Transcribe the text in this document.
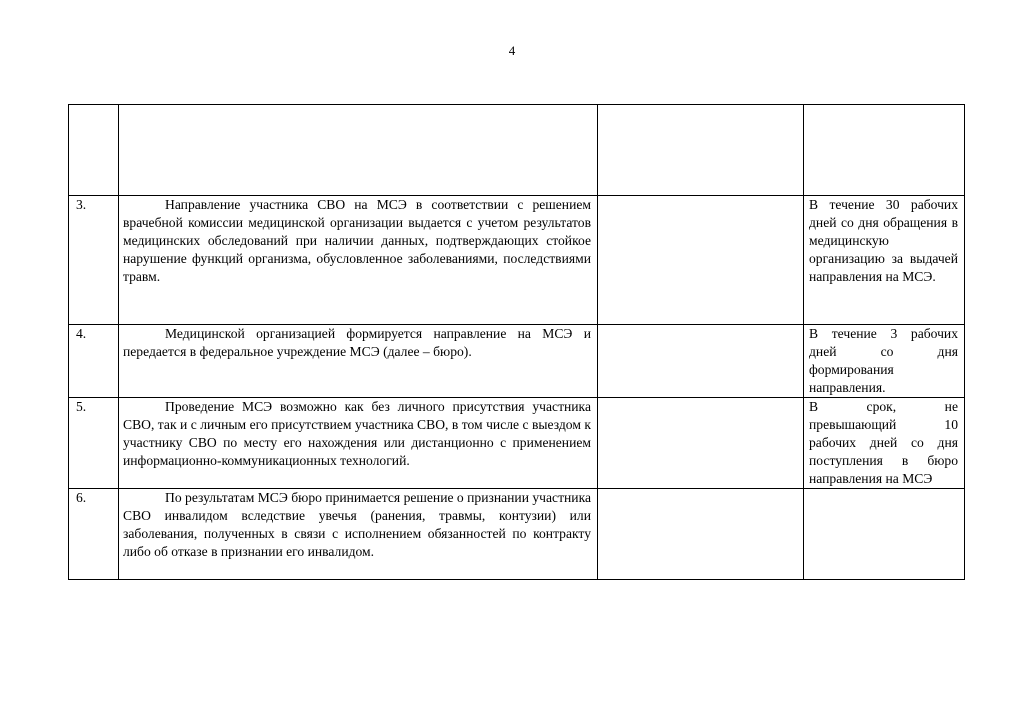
4

3.	Направление участника СВО на МСЭ в соответствии с решением врачебной комиссии медицинской организации выдается с учетом результатов медицинских обследований при наличии данных, подтверждающих стойкое нарушение функций организма, обусловленное заболеваниями, последствиями травм.		В течение 30 рабочих дней со дня обращения в медицинскую организацию за выдачей направления на МСЭ.

4.	Медицинской организацией формируется направление на МСЭ и передается в федеральное учреждение МСЭ (далее – бюро).		В течение 3 рабочих дней со дня формирования направления.

5.	Проведение МСЭ возможно как без личного присутствия участника СВО, так и с личным его присутствием участника СВО, в том числе с выездом к участнику СВО по месту его нахождения или дистанционно с применением информационно-коммуникационных технологий.		В срок, не превышающий 10 рабочих дней со дня поступления в бюро направления на МСЭ

6.	По результатам МСЭ бюро принимается решение о признании участника СВО инвалидом вследствие увечья (ранения, травмы, контузии) или заболевания, полученных в связи с исполнением обязанностей по контракту либо об отказе в признании его инвалидом.		
